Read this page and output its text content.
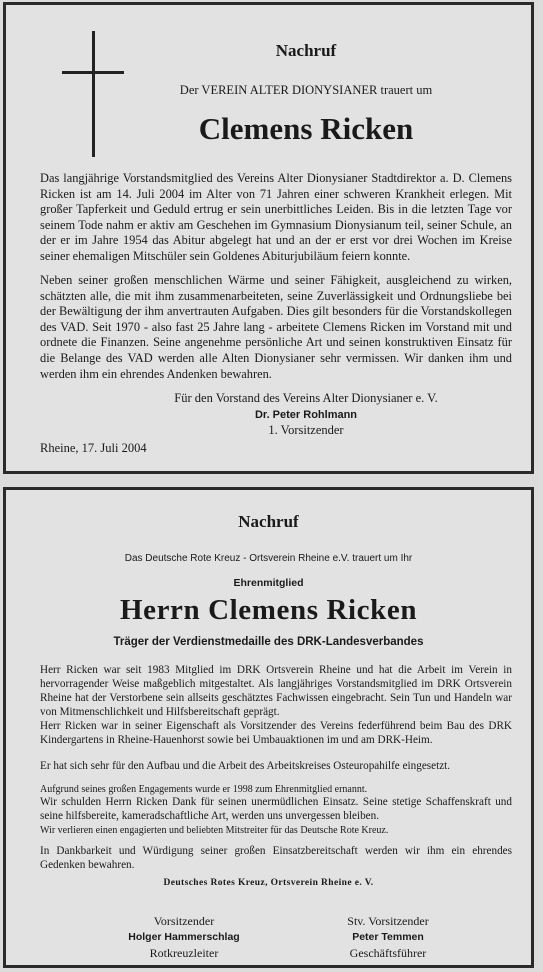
Nachruf
Der VEREIN ALTER DIONYSIANER trauert um
Clemens Ricken
Das langjährige Vorstandsmitglied des Vereins Alter Dionysianer Stadtdirektor a. D. Clemens Ricken ist am 14. Juli 2004 im Alter von 71 Jahren einer schweren Krankheit erlegen. Mit großer Tapferkeit und Geduld ertrug er sein unerbittliches Leiden. Bis in die letzten Tage vor seinem Tode nahm er aktiv am Geschehen im Gymnasium Dionysianum teil, seiner Schule, an der er im Jahre 1954 das Abitur abgelegt hat und an der er erst vor drei Wochen im Kreise seiner ehemaligen Mitschüler sein Goldenes Abiturjubiläum feiern konnte.
Neben seiner großen menschlichen Wärme und seiner Fähigkeit, ausgleichend zu wirken, schätzten alle, die mit ihm zusammenarbeiteten, seine Zuverlässigkeit und Ordnungsliebe bei der Bewältigung der ihm anvertrauten Aufgaben. Dies gilt besonders für die Vorstandskollegen des VAD. Seit 1970 - also fast 25 Jahre lang - arbeitete Clemens Ricken im Vorstand mit und ordnete die Finanzen. Seine angenehme persönliche Art und seinen konstruktiven Einsatz für die Belange des VAD werden alle Alten Dionysianer sehr vermissen. Wir danken ihm und werden ihm ein ehrendes Andenken bewahren.
Für den Vorstand des Vereins Alter Dionysianer e. V.
Dr. Peter Rohlmann
1. Vorsitzender
Rheine, 17. Juli 2004
Nachruf
Das Deutsche Rote Kreuz - Ortsverein Rheine e.V. trauert um Ihr
Ehrenmitglied
Herrn Clemens Ricken
Träger der Verdienstmedaille des DRK-Landesverbandes
Herr Ricken war seit 1983 Mitglied im DRK Ortsverein Rheine und hat die Arbeit im Verein in hervorragender Weise maßgeblich mitgestaltet. Als langjähriges Vorstandsmitglied im DRK Ortsverein Rheine hat der Verstorbene sein allseits geschätztes Fachwissen eingebracht. Sein Tun und Handeln war von Mitmenschlichkeit und Hilfsbereitschaft geprägt.
Herr Ricken war in seiner Eigenschaft als Vorsitzender des Vereins federführend beim Bau des DRK Kindergartens in Rheine-Hauenhorst sowie bei Umbauaktionen im und am DRK-Heim.
Er hat sich sehr für den Aufbau und die Arbeit des Arbeitskreises Osteuropahilfe eingesetzt.
Aufgrund seines großen Engagements wurde er 1998 zum Ehrenmitglied ernannt.
Wir schulden Herrn Ricken Dank für seinen unermüdlichen Einsatz. Seine stetige Schaffenskraft und seine hilfsbereite, kameradschaftliche Art, werden uns unvergessen bleiben.
Wir verlieren einen engagierten und beliebten Mitstreiter für das Deutsche Rote Kreuz.
In Dankbarkeit und Würdigung seiner großen Einsatzbereitschaft werden wir ihm ein ehrendes Gedenken bewahren.
Deutsches Rotes Kreuz, Ortsverein Rheine e. V.
Vorsitzender
Holger Hammerschlag
Rotkreuzleiter
Stv. Vorsitzender
Peter Temmen
Geschäftsführer
